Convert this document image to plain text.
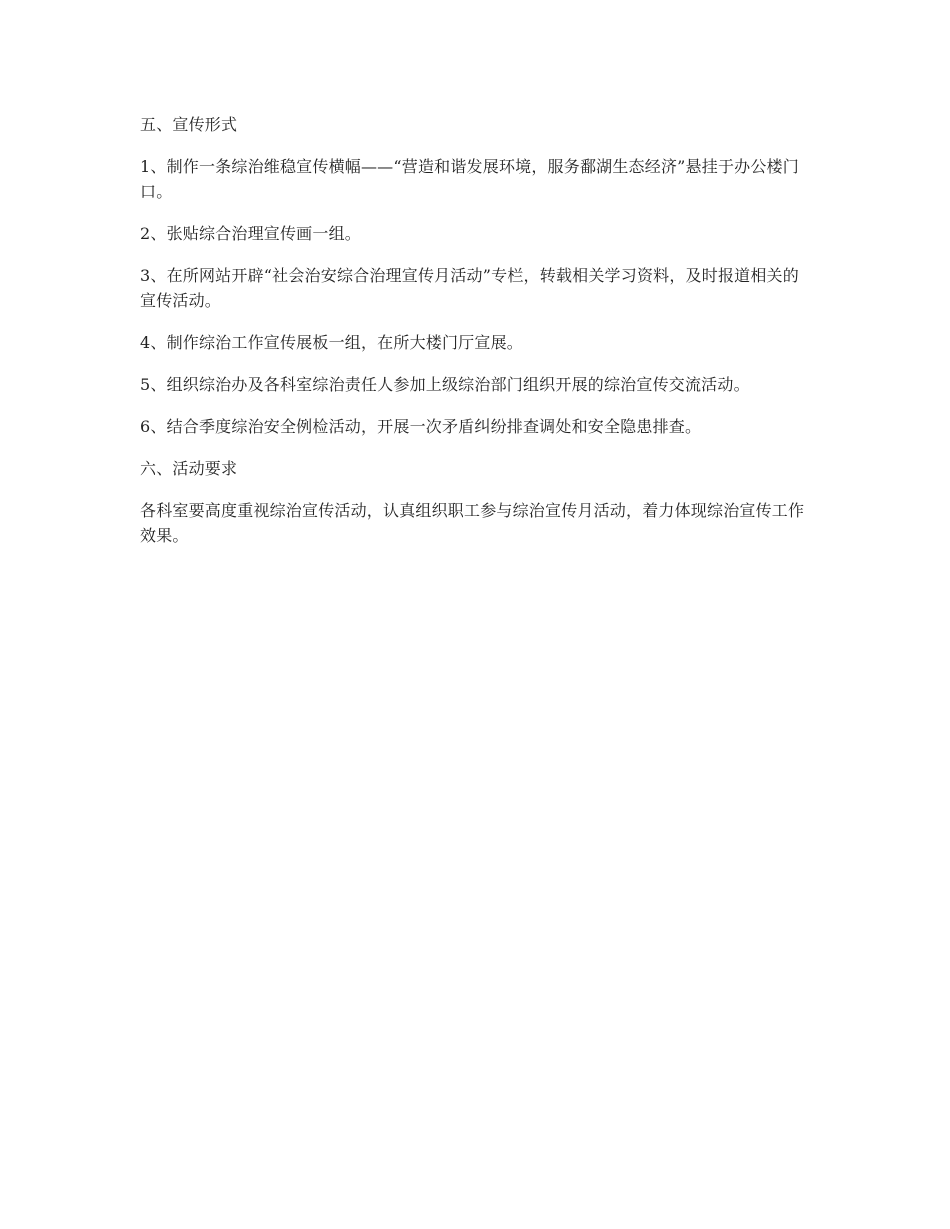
五、宣传形式

1、制作一条综治维稳宣传横幅——“营造和谐发展环境，服务鄱湖生态经济”悬挂于办公楼门口。

2、张贴综合治理宣传画一组。

3、在所网站开辟“社会治安综合治理宣传月活动”专栏，转载相关学习资料，及时报道相关的宣传活动。

4、制作综治工作宣传展板一组，在所大楼门厅宣展。

5、组织综治办及各科室综治责任人参加上级综治部门组织开展的综治宣传交流活动。

6、结合季度综治安全例检活动，开展一次矛盾纠纷排查调处和安全隐患排查。

六、活动要求

各科室要高度重视综治宣传活动，认真组织职工参与综治宣传月活动，着力体现综治宣传工作效果。
